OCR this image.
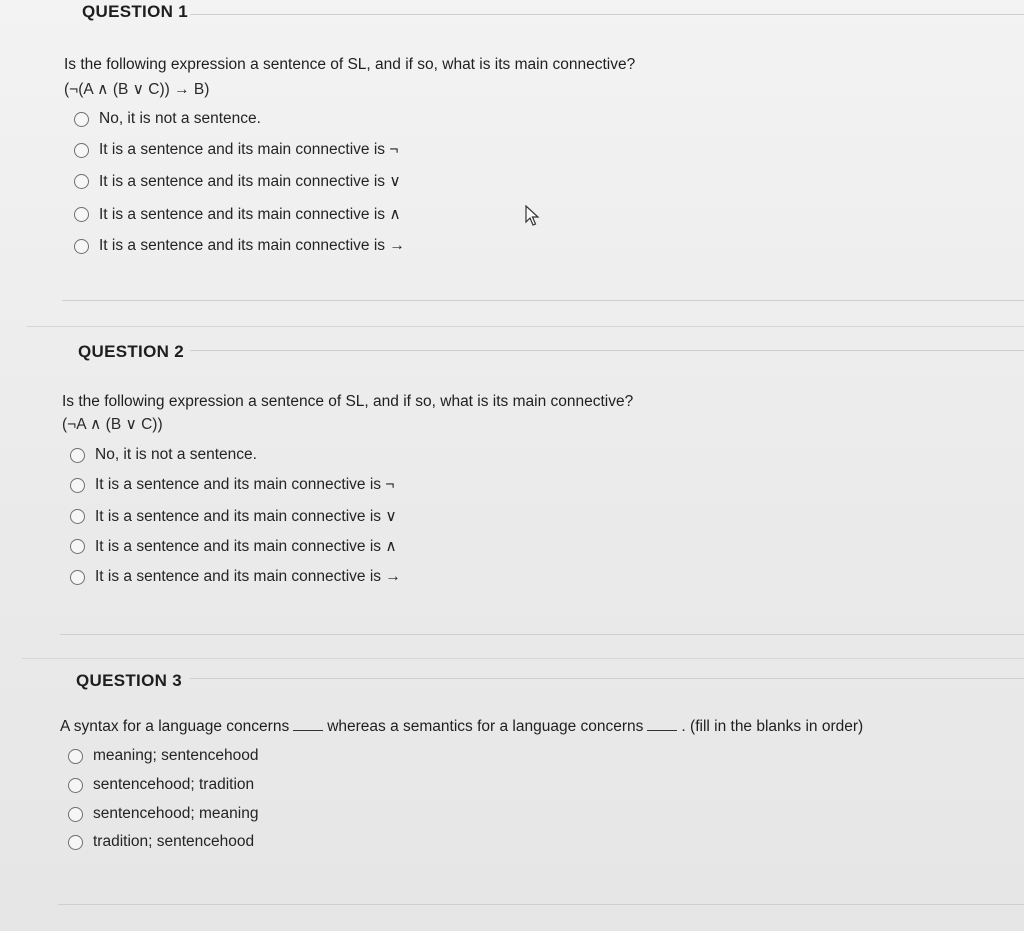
QUESTION 1
Is the following expression a sentence of SL, and if so, what is its main connective?
(¬(A ∧ (B ∨ C)) → B)
No, it is not a sentence.
It is a sentence and its main connective is ¬
It is a sentence and its main connective is ∨
It is a sentence and its main connective is ∧
It is a sentence and its main connective is →
QUESTION 2
Is the following expression a sentence of SL, and if so, what is its main connective?
(¬A ∧ (B ∨ C))
No, it is not a sentence.
It is a sentence and its main connective is ¬
It is a sentence and its main connective is ∨
It is a sentence and its main connective is ∧
It is a sentence and its main connective is →
QUESTION 3
A syntax for a language concerns whereas a semantics for a language concerns . (fill in the blanks in order)
meaning; sentencehood
sentencehood; tradition
sentencehood; meaning
tradition; sentencehood
